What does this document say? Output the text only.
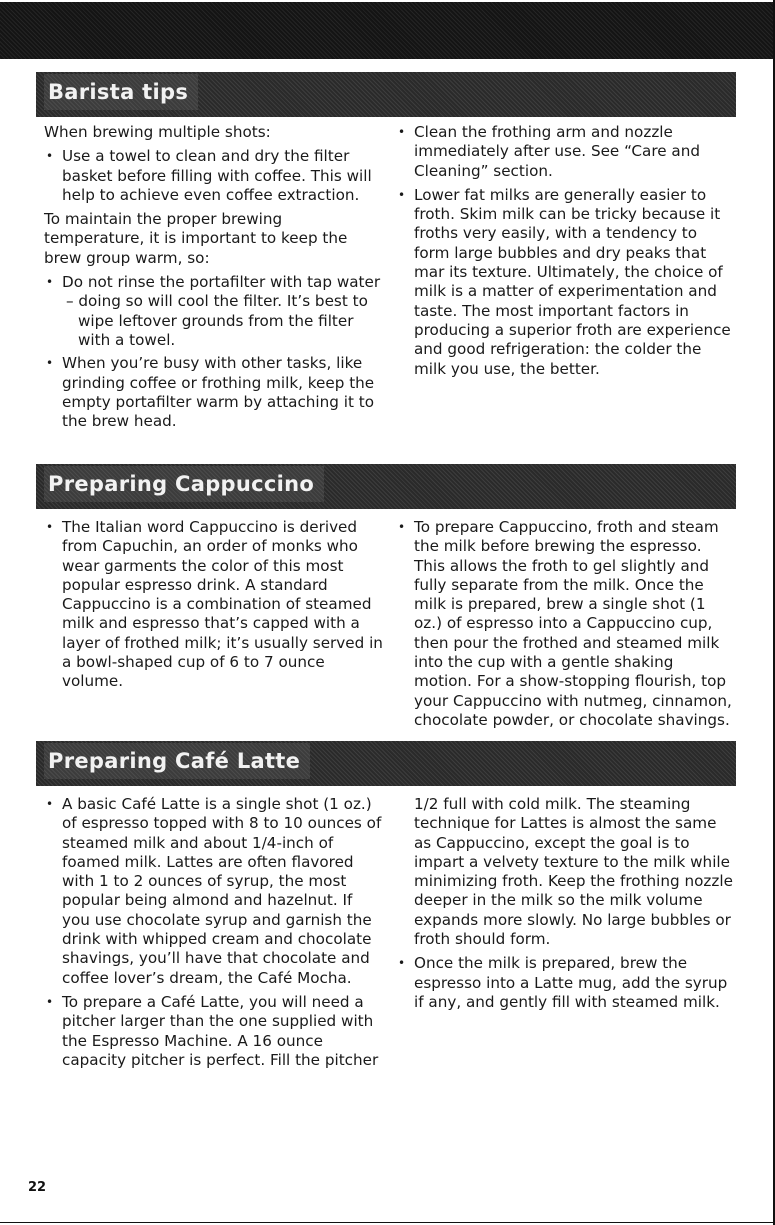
Barista tips

When brewing multiple shots:

• Use a towel to clean and dry the filter basket before filling with coffee. This will help to achieve even coffee extraction.

To maintain the proper brewing temperature, it is important to keep the brew group warm, so:

• Do not rinse the portafilter with tap water

– doing so will cool the filter. It’s best to wipe leftover grounds from the filter with a towel.

• When you’re busy with other tasks, like grinding coffee or frothing milk, keep the empty portafilter warm by attaching it to the brew head.
• Clean the frothing arm and nozzle immediately after use. See “Care and Cleaning” section.
• Lower fat milks are generally easier to froth. Skim milk can be tricky because it froths very easily, with a tendency to form large bubbles and dry peaks that mar its texture. Ultimately, the choice of milk is a matter of experimentation and taste. The most important factors in producing a superior froth are experience and good refrigeration: the colder the milk you use, the better.
Preparing Cappuccino
• The Italian word Cappuccino is derived from Capuchin, an order of monks who wear garments the color of this most popular espresso drink. A standard Cappuccino is a combination of steamed milk and espresso that’s capped with a layer of frothed milk; it’s usually served in a bowl-shaped cup of 6 to 7 ounce volume.
• To prepare Cappuccino, froth and steam the milk before brewing the espresso. This allows the froth to gel slightly and fully separate from the milk. Once the milk is prepared, brew a single shot (1 oz.) of espresso into a Cappuccino cup, then pour the frothed and steamed milk into the cup with a gentle shaking motion. For a show-stopping flourish, top your Cappuccino with nutmeg, cinnamon, chocolate powder, or chocolate shavings.
Preparing Café Latte
• A basic Café Latte is a single shot (1 oz.) of espresso topped with 8 to 10 ounces of steamed milk and about 1/4-inch of foamed milk. Lattes are often flavored with 1 to 2 ounces of syrup, the most popular being almond and hazelnut. If you use chocolate syrup and garnish the drink with whipped cream and chocolate shavings, you’ll have that chocolate and coffee lover’s dream, the Café Mocha.
• To prepare a Café Latte, you will need a pitcher larger than the one supplied with the Espresso Machine. A 16 ounce capacity pitcher is perfect. Fill the pitcher

1/2 full with cold milk. The steaming technique for Lattes is almost the same as Cappuccino, except the goal is to impart a velvety texture to the milk while minimizing froth. Keep the frothing nozzle deeper in the milk so the milk volume expands more slowly. No large bubbles or froth should form.

• Once the milk is prepared, brew the espresso into a Latte mug, add the syrup if any, and gently fill with steamed milk.
22
